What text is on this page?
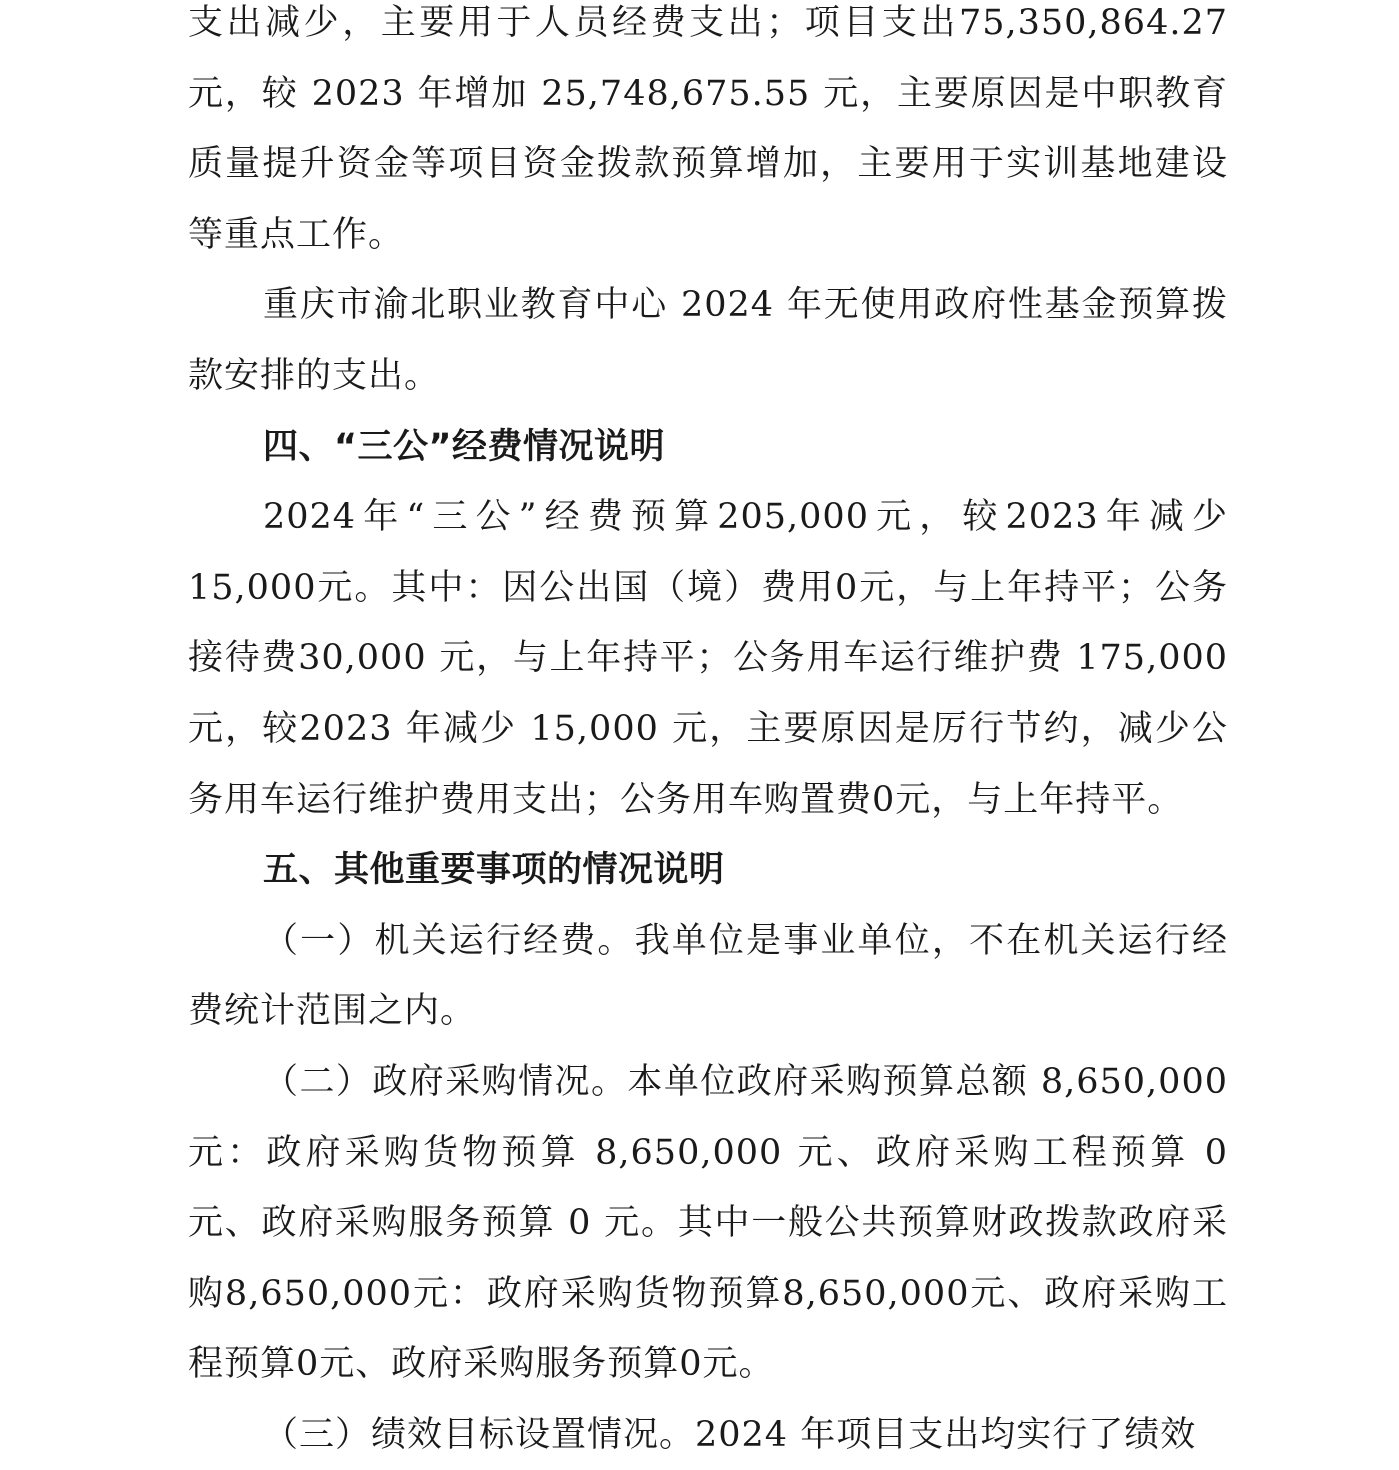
支出减少，主要用于人员经费支出；项目支出75,350,864.27元，较 2023 年增加 25,748,675.55 元，主要原因是中职教育质量提升资金等项目资金拨款预算增加，主要用于实训基地建设等重点工作。

重庆市渝北职业教育中心 2024 年无使用政府性基金预算拨款安排的支出。

四、“三公”经费情况说明

2024年“三公”经费预算205,000元，较2023年减少15,000元。其中：因公出国（境）费用0元，与上年持平；公务接待费30,000 元，与上年持平；公务用车运行维护费 175,000 元，较2023 年减少 15,000 元，主要原因是厉行节约，减少公务用车运行维护费用支出；公务用车购置费0元，与上年持平。

五、其他重要事项的情况说明

（一）机关运行经费。我单位是事业单位，不在机关运行经费统计范围之内。

（二）政府采购情况。本单位政府采购预算总额 8,650,000元：政府采购货物预算 8,650,000 元、政府采购工程预算 0 元、政府采购服务预算 0 元。其中一般公共预算财政拨款政府采购8,650,000元：政府采购货物预算8,650,000元、政府采购工程预算0元、政府采购服务预算0元。

（三）绩效目标设置情况。2024 年项目支出均实行了绩效
